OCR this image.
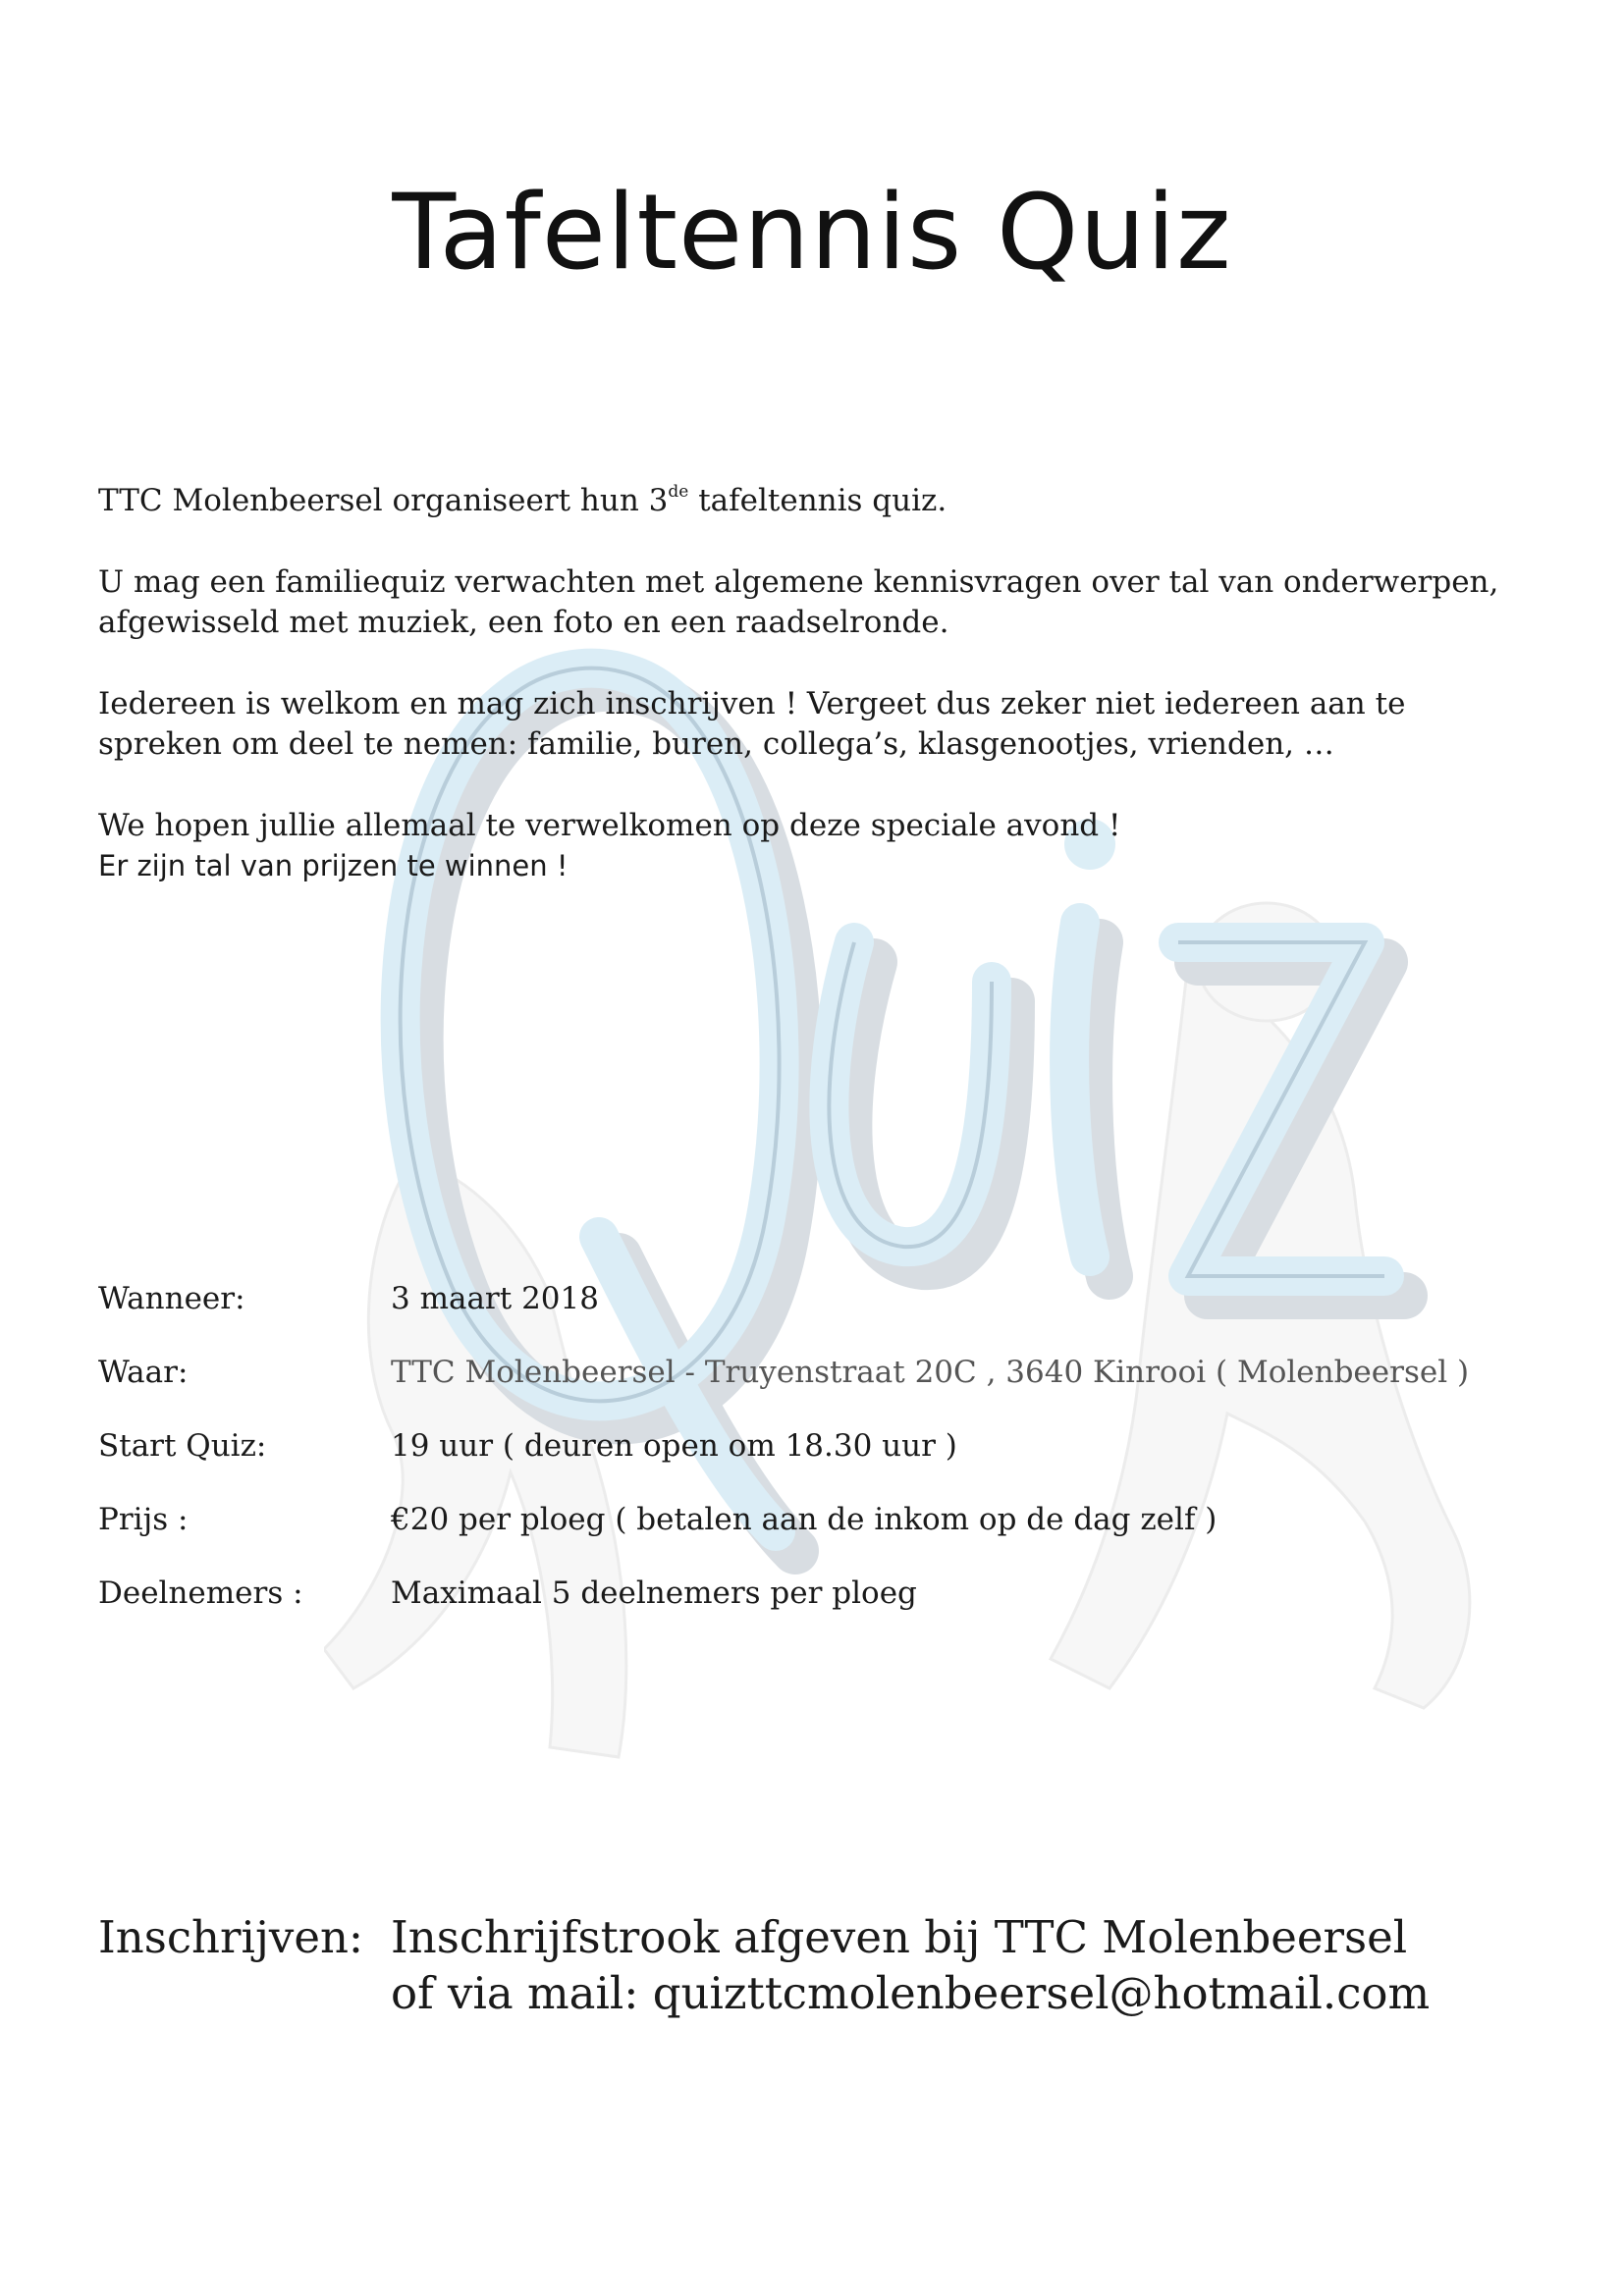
Tafeltennis Quiz

TTC Molenbeersel organiseert hun 3de tafeltennis quiz.

U mag een familiequiz verwachten met algemene kennisvragen over tal van onderwerpen,
afgewisseld met muziek, een foto en een raadselronde.

Iedereen is welkom en mag zich inschrijven ! Vergeet dus zeker niet iedereen aan te
spreken om deel te nemen: familie, buren, collega’s, klasgenootjes, vrienden, …

We hopen jullie allemaal te verwelkomen op deze speciale avond !
Er zijn tal van prijzen te winnen !

Wanneer:	3 maart 2018
Waar:	TTC Molenbeersel - Truyenstraat 20C , 3640 Kinrooi ( Molenbeersel )
Start Quiz:	19 uur ( deuren open om 18.30 uur )
Prijs :	€20 per ploeg ( betalen aan de inkom op de dag zelf )
Deelnemers :	Maximaal 5 deelnemers per ploeg
Inschrijven: Inschrijfstrook afgeven bij TTC Molenbeersel
of via mail: quizttcmolenbeersel@hotmail.com
